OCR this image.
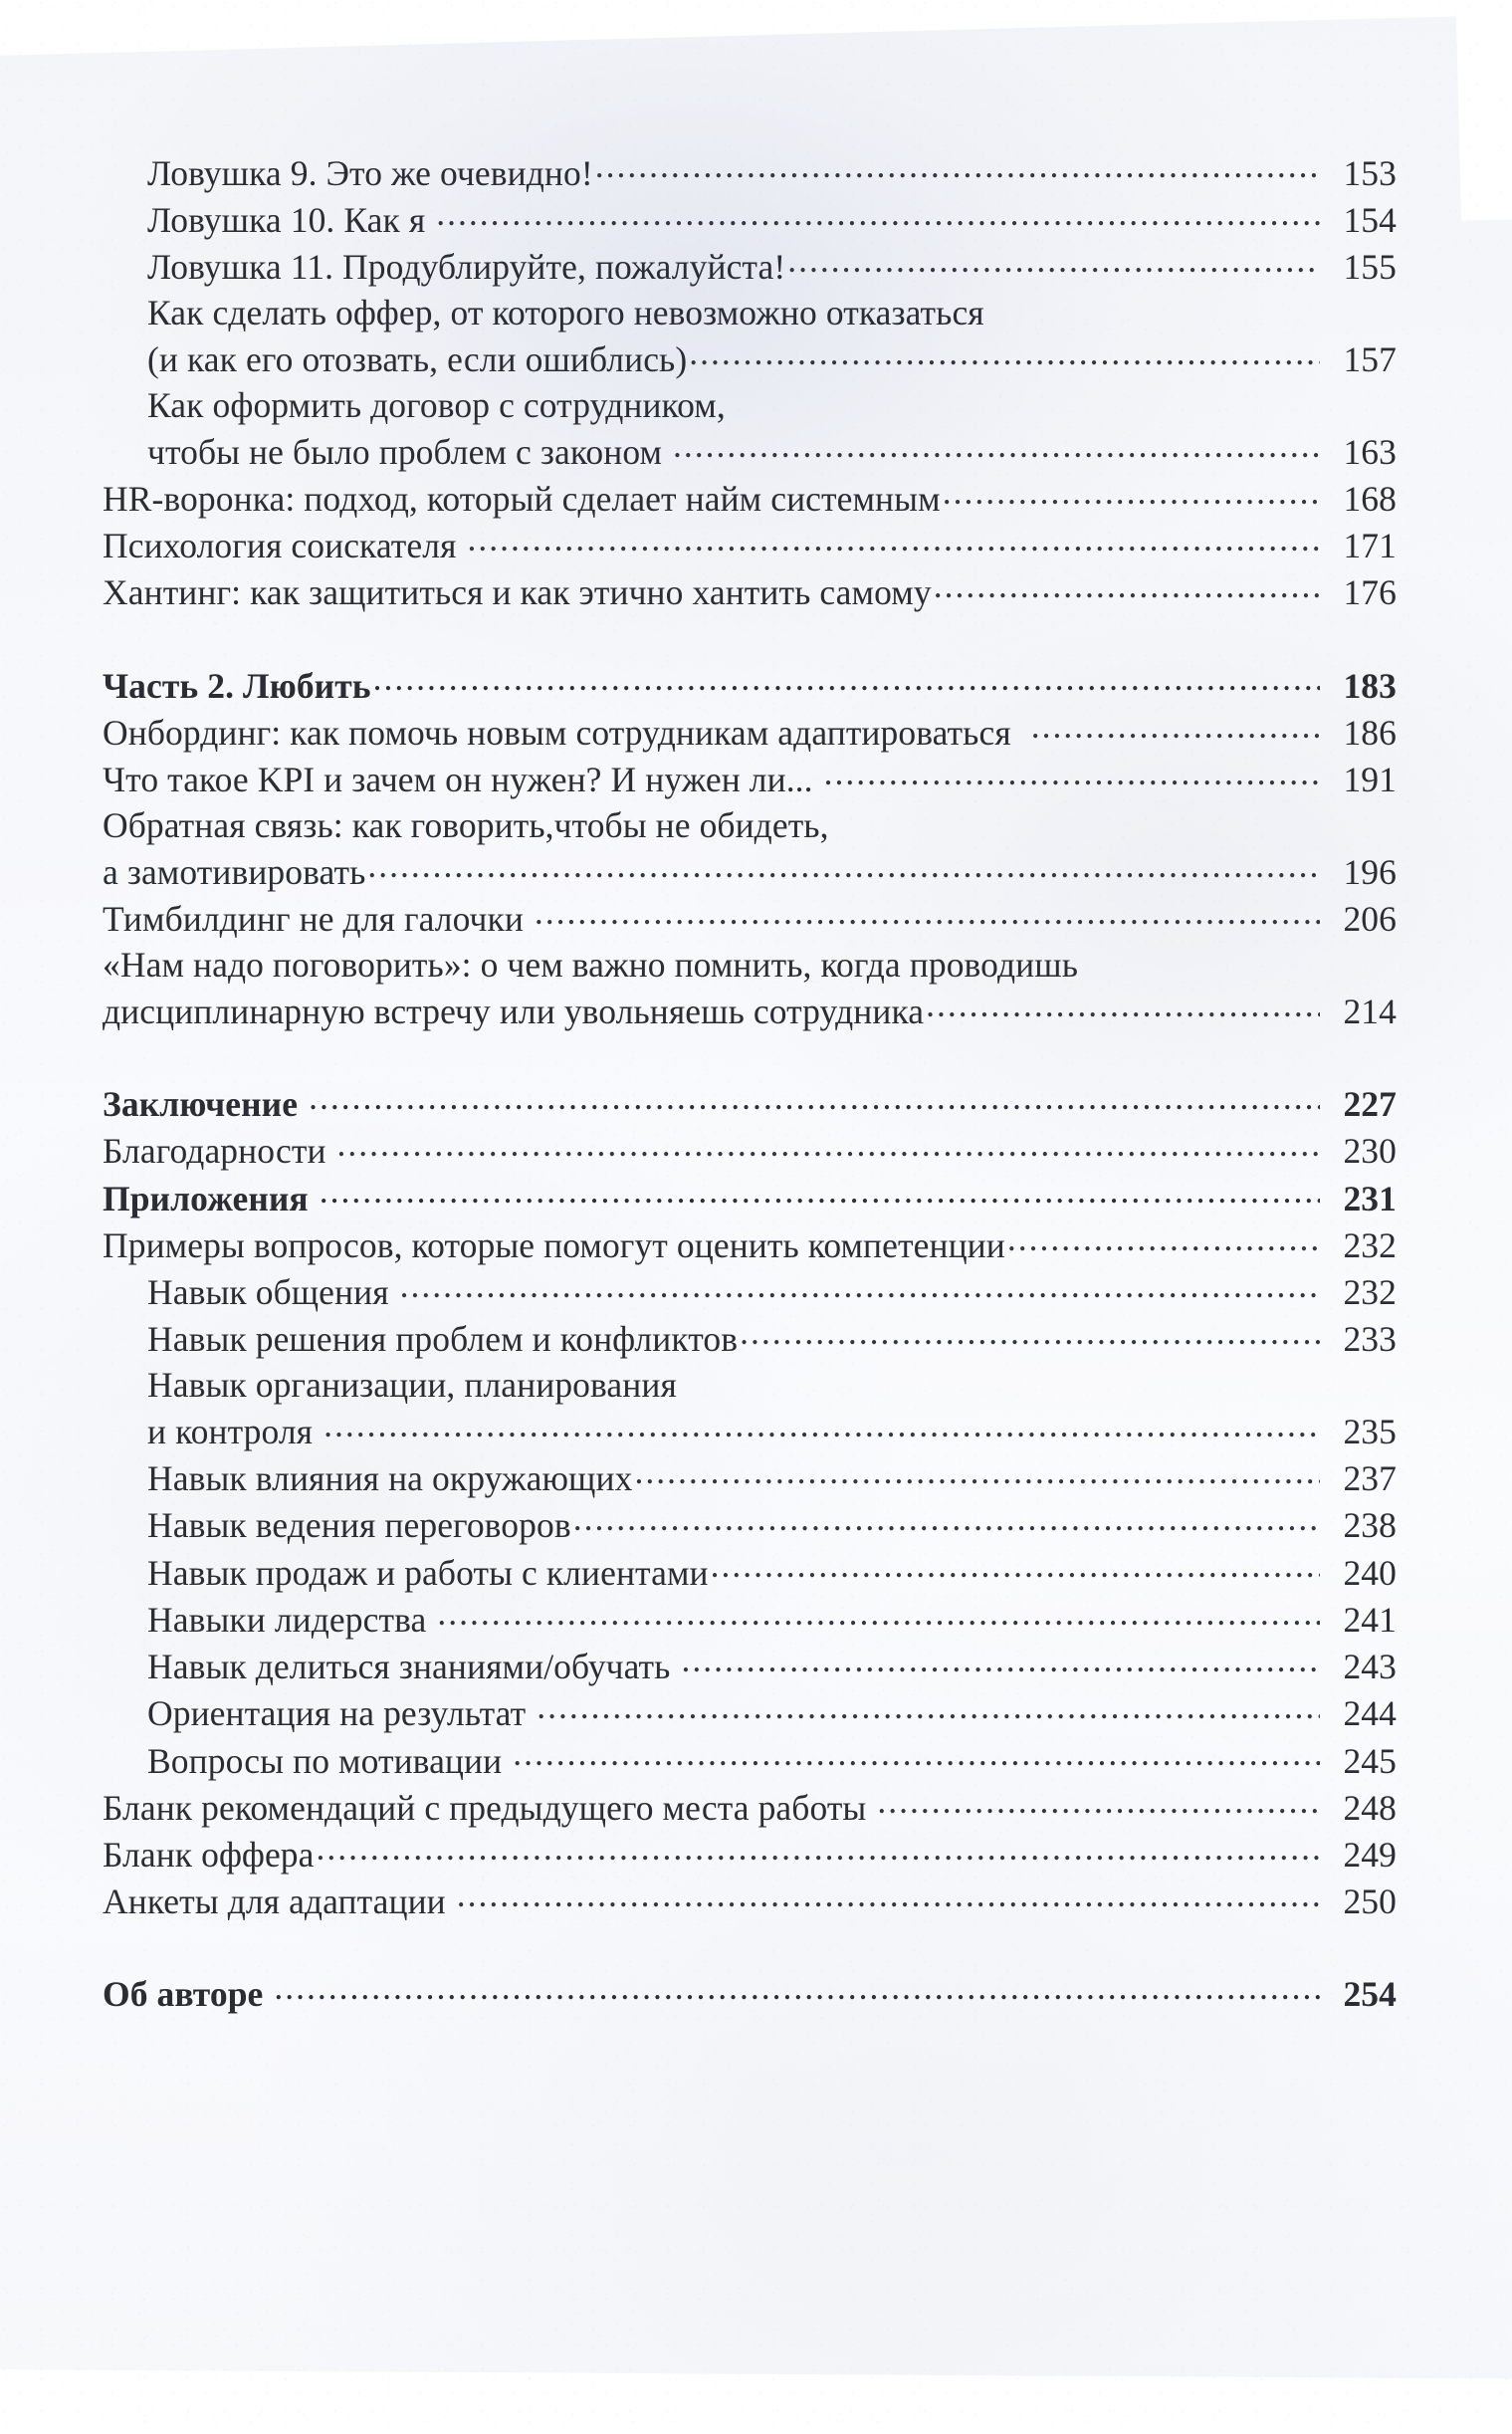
Ловушка 9. Это же очевидно! .....	153
Ловушка 10. Как я .....	154
Ловушка 11. Продублируйте, пожалуйста! .....	155
Как сделать оффер, от которого невозможно отказаться
(и как его отозвать, если ошиблись) .....	157
Как оформить договор с сотрудником,
чтобы не было проблем с законом .....	163
HR-воронка: подход, который сделает найм системным .....	168
Психология соискателя .....	171
Хантинг: как защититься и как этично хантить самому .....	176
Часть 2. Любить .....	183
Онбординг: как помочь новым сотрудникам адаптироваться .....	186
Что такое KPI и зачем он нужен? И нужен ли... .....	191
Обратная связь: как говорить,чтобы не обидеть,
а замотивировать .....	196
Тимбилдинг не для галочки .....	206
«Нам надо поговорить»: о чем важно помнить, когда проводишь
дисциплинарную встречу или увольняешь сотрудника .....	214
Заключение .....	227
Благодарности .....	230
Приложения .....	231
Примеры вопросов, которые помогут оценить компетенции .....	232
Навык общения .....	232
Навык решения проблем и конфликтов .....	233
Навык организации, планирования
и контроля .....	235
Навык влияния на окружающих .....	237
Навык ведения переговоров .....	238
Навык продаж и работы с клиентами .....	240
Навыки лидерства .....	241
Навык делиться знаниями/обучать .....	243
Ориентация на результат .....	244
Вопросы по мотивации .....	245
Бланк рекомендаций с предыдущего места работы .....	248
Бланк оффера .....	249
Анкеты для адаптации .....	250
Об авторе .....	254
